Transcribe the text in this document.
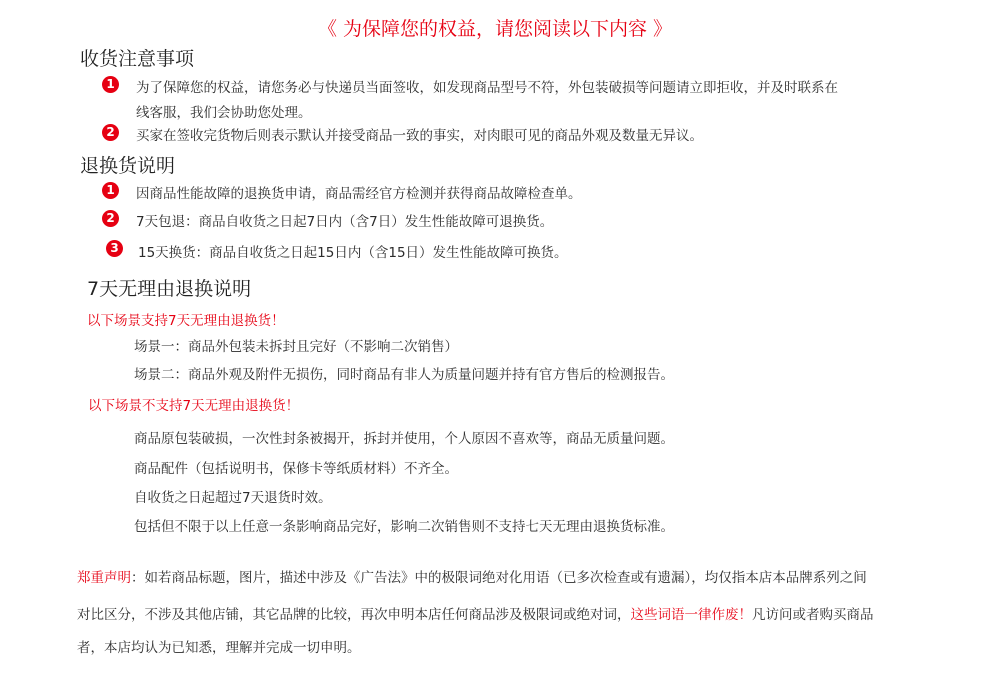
《 为保障您的权益，请您阅读以下内容 》
收货注意事项
1	为了保障您的权益，请您务必与快递员当面签收，如发现商品型号不符，外包装破损等问题请立即拒收，并及时联系在
线客服，我们会协助您处理。
2	买家在签收完货物后则表示默认并接受商品一致的事实，对肉眼可见的商品外观及数量无异议。
退换货说明
1	因商品性能故障的退换货申请，商品需经官方检测并获得商品故障检查单。
2	7天包退：商品自收货之日起7日内（含7日）发生性能故障可退换货。
3	15天换货：商品自收货之日起15日内（含15日）发生性能故障可换货。
7天无理由退换说明
以下场景支持7天无理由退换货！
场景一：商品外包装未拆封且完好（不影响二次销售）
场景二：商品外观及附件无损伤，同时商品有非人为质量问题并持有官方售后的检测报告。
以下场景不支持7天无理由退换货！
商品原包装破损，一次性封条被揭开，拆封并使用，个人原因不喜欢等，商品无质量问题。
商品配件（包括说明书，保修卡等纸质材料）不齐全。
自收货之日起超过7天退货时效。
包括但不限于以上任意一条影响商品完好，影响二次销售则不支持七天无理由退换货标准。
郑重声明：如若商品标题，图片，描述中涉及《广告法》中的极限词绝对化用语（已多次检查或有遗漏），均仅指本店本品牌系列之间
对比区分，不涉及其他店铺，其它品牌的比较，再次申明本店任何商品涉及极限词或绝对词，这些词语一律作废！凡访问或者购买商品
者，本店均认为已知悉，理解并完成一切申明。
